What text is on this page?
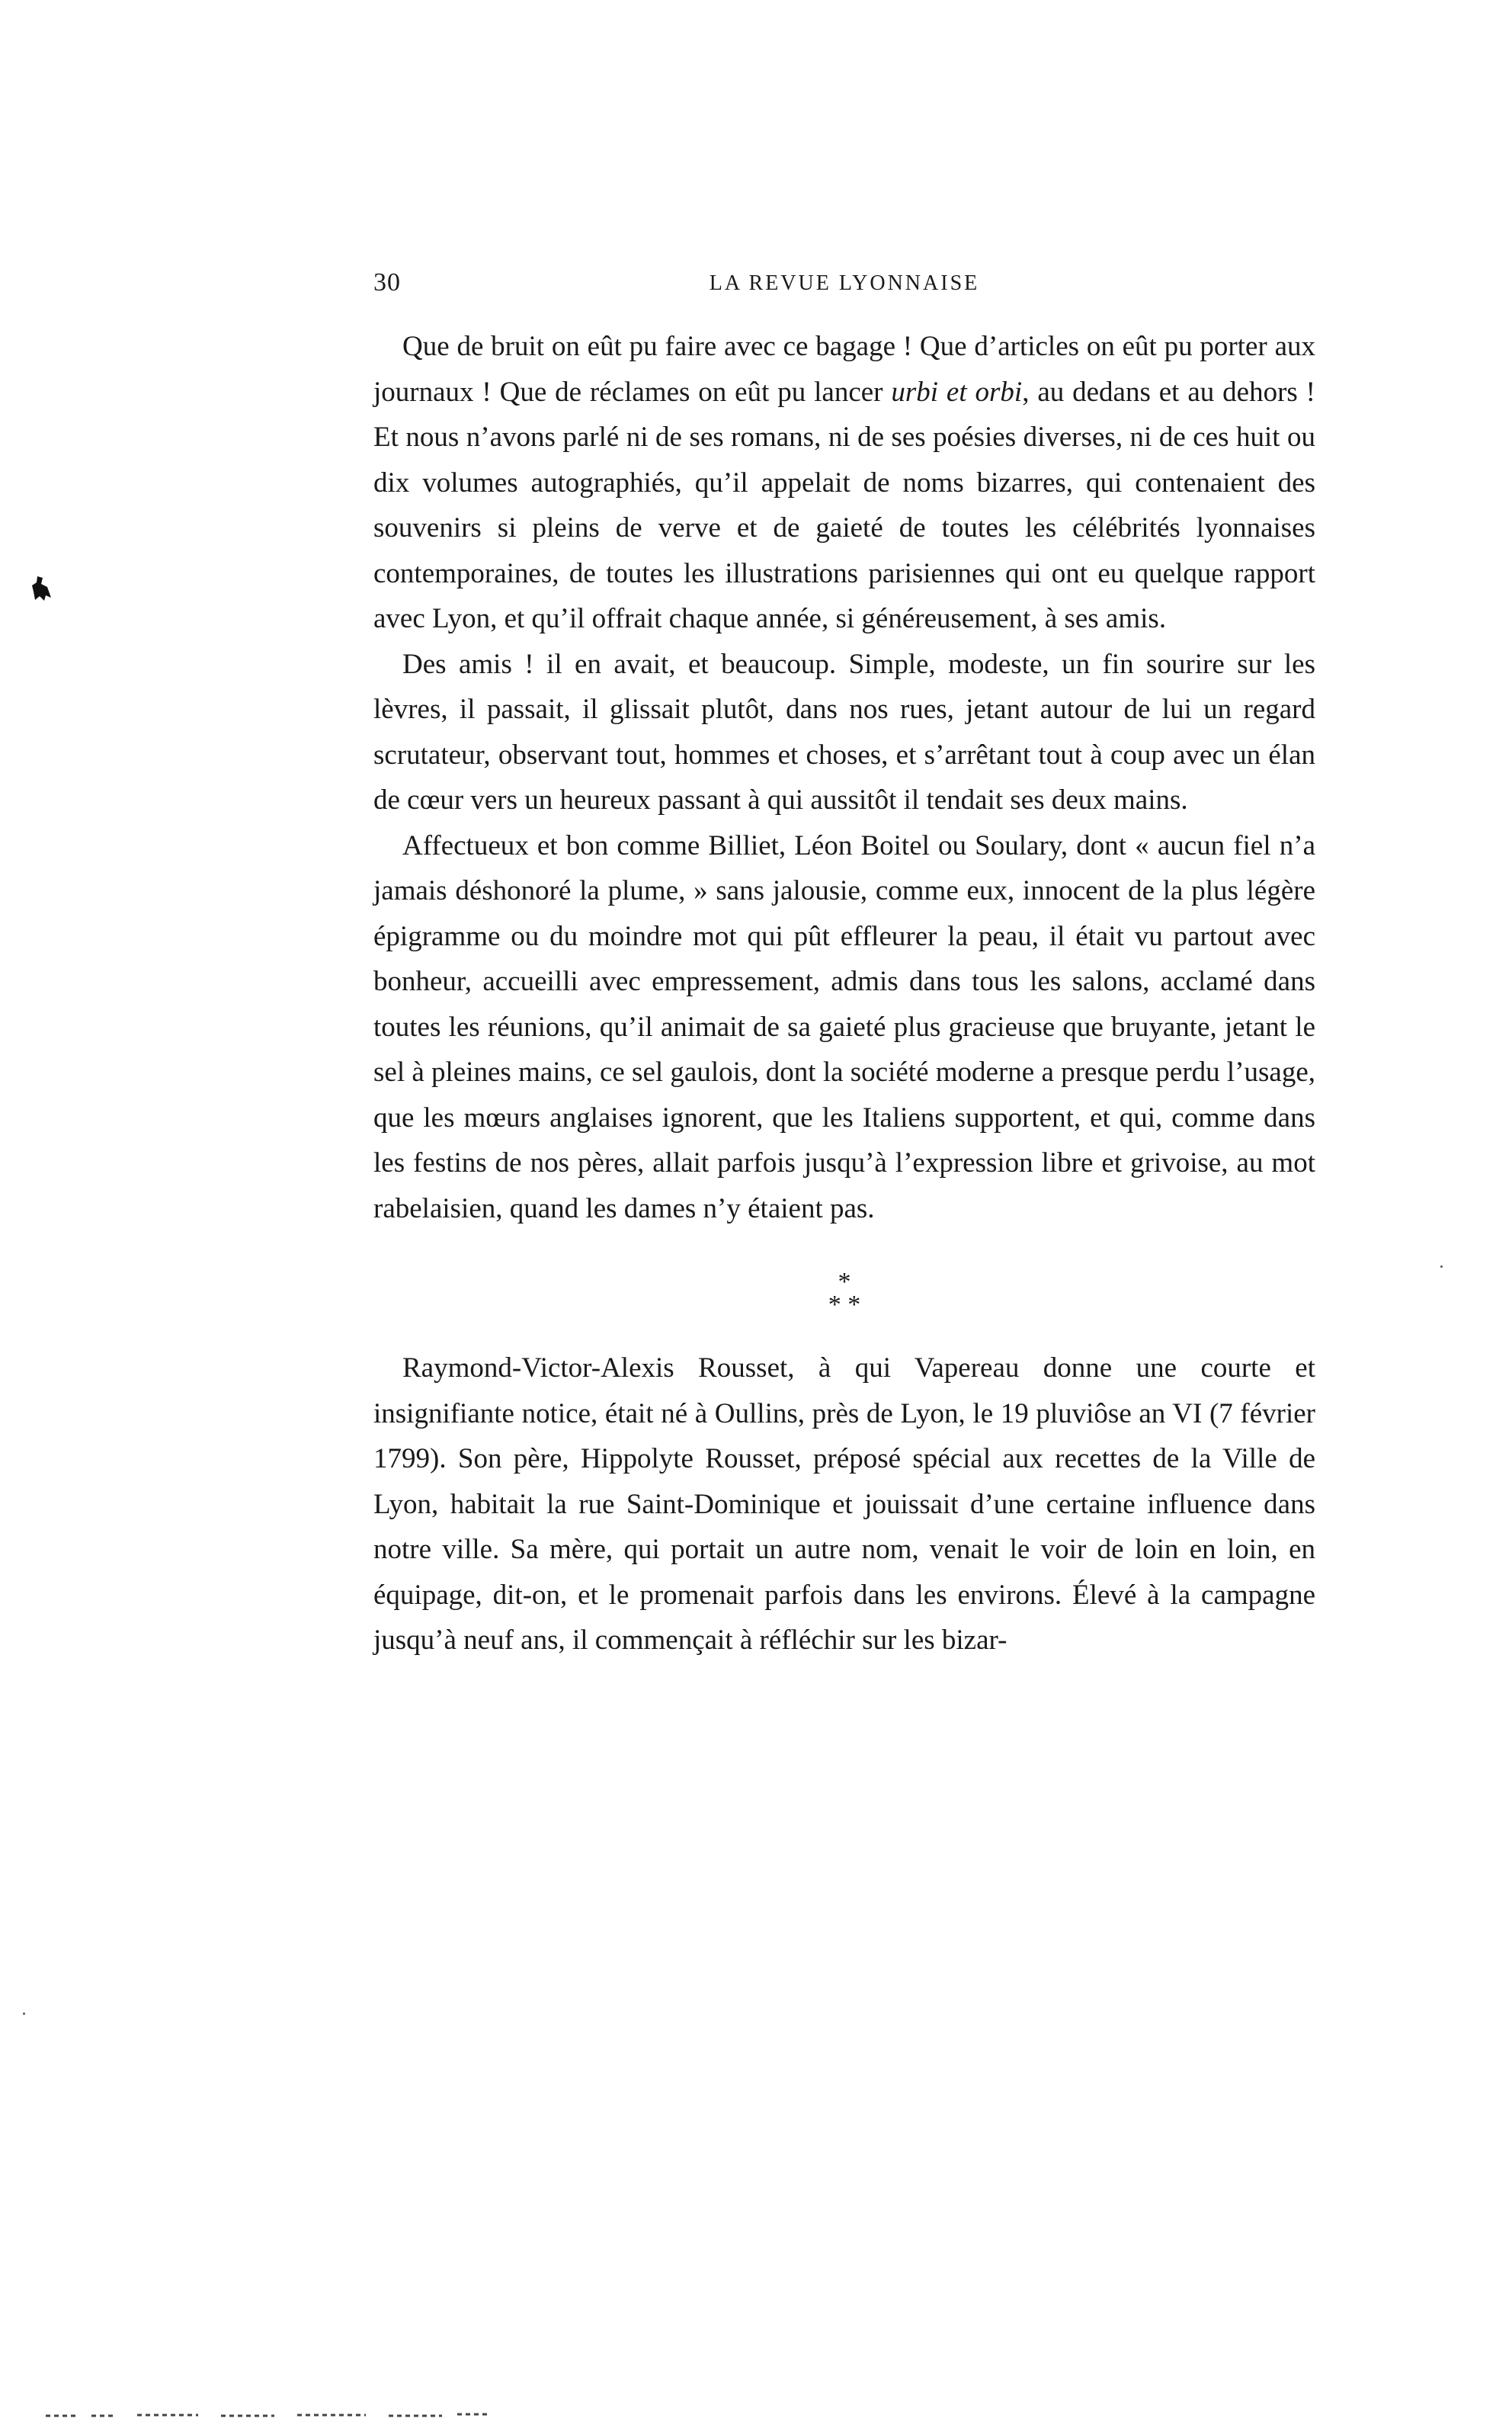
30	LA REVUE LYONNAISE

Que de bruit on eût pu faire avec ce bagage ! Que d’articles on eût pu porter aux journaux ! Que de réclames on eût pu lancer urbi et orbi, au dedans et au dehors ! Et nous n’avons parlé ni de ses romans, ni de ses poésies diverses, ni de ces huit ou dix volumes autographiés, qu’il appelait de noms bizarres, qui contenaient des souvenirs si pleins de verve et de gaieté de toutes les célébrités lyonnaises contemporaines, de toutes les illustrations parisiennes qui ont eu quelque rapport avec Lyon, et qu’il offrait chaque année, si généreusement, à ses amis.

Des amis ! il en avait, et beaucoup. Simple, modeste, un fin sourire sur les lèvres, il passait, il glissait plutôt, dans nos rues, jetant autour de lui un regard scrutateur, observant tout, hommes et choses, et s’arrêtant tout à coup avec un élan de cœur vers un heureux passant à qui aussitôt il tendait ses deux mains.

Affectueux et bon comme Billiet, Léon Boitel ou Soulary, dont « aucun fiel n’a jamais déshonoré la plume, » sans jalousie, comme eux, innocent de la plus légère épigramme ou du moindre mot qui pût effleurer la peau, il était vu partout avec bonheur, accueilli avec empressement, admis dans tous les salons, acclamé dans toutes les réunions, qu’il animait de sa gaieté plus gracieuse que bruyante, jetant le sel à pleines mains, ce sel gaulois, dont la société moderne a presque perdu l’usage, que les mœurs anglaises ignorent, que les Italiens supportent, et qui, comme dans les festins de nos pères, allait parfois jusqu’à l’expression libre et grivoise, au mot rabelaisien, quand les dames n’y étaient pas.

*
* *

Raymond-Victor-Alexis Rousset, à qui Vapereau donne une courte et insignifiante notice, était né à Oullins, près de Lyon, le 19 pluviôse an VI (7 février 1799). Son père, Hippolyte Rousset, préposé spécial aux recettes de la Ville de Lyon, habitait la rue Saint-Dominique et jouissait d’une certaine influence dans notre ville. Sa mère, qui portait un autre nom, venait le voir de loin en loin, en équipage, dit-on, et le promenait parfois dans les environs. Élevé à la campagne jusqu’à neuf ans, il commençait à réfléchir sur les bizar-
